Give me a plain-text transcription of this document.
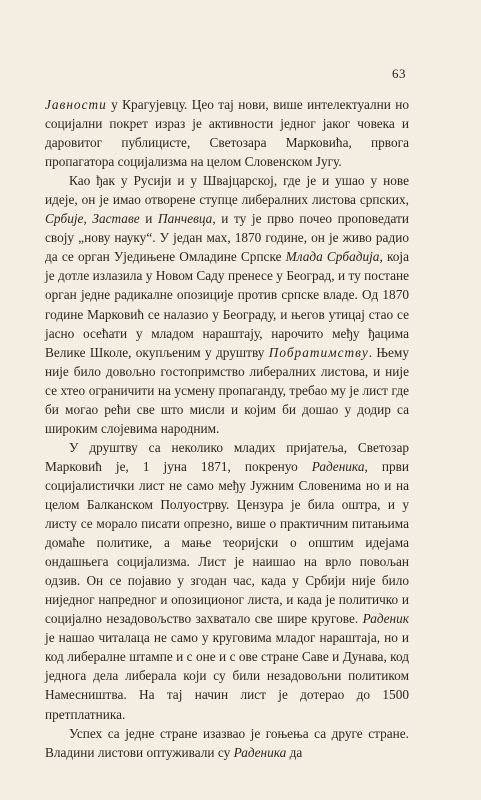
63

Јавности у Крагујевцу. Цео тај нови, више интелектуални но социјални покрет израз је активности једног јаког човека и даровитог публицисте, Светозара Марковића, првога пропагатора социјализма на целом Словенском Југу.

Као ђак у Русији и у Швајцарској, где је и ушао у нове идеје, он је имао отворене ступце либералних листова српских, Србије, Заставе и Панчевца, и ту је прво почео проповедати своју „нову науку“. У један мах, 1870 године, он је живо радио да се орган Уједињене Омладине Српске Млада Србадија, која је дотле излазила у Новом Саду пренесе у Београд, и ту постане орган једне радикалне опозиције против српске владе. Од 1870 године Марковић се налазио у Београду, и његов утицај стао се јасно осећати у младом нараштају, нарочито међу ђацима Велике Школе, окупљеним у друштву Побратимству. Њему није било довољно гостопримство либералних листова, и није се хтео ограничити на усмену пропаганду, требао му је лист где би могао рећи све што мисли и којим би дошао у додир са широким слојевима народним.

У друштву са неколико младих пријатеља, Светозар Марковић је, 1 јуна 1871, покренуо Радeника, први социјалистички лист не само међу Јужним Словенима но и на целом Балканском Полуострву. Цензура је била оштра, и у листу се морало писати опрезно, више о практичним питањима домаће политике, а мање теоријски о општим идејама ондашњега социјализма. Лист је наишао на врло повољан одзив. Он се појавио у згодан час, када у Србији није било ниједног напредног и опозиционог листа, и када је политичко и социјално незадовољство захватало све шире кругове. Радeник је нашао читалаца не само у круговима младог нараштаја, но и код либералне штампе и с оне и с ове стране Саве и Дунава, код једнога дела либерала који су били незадовољни политиком Намесништва. На тај начин лист је дотерао до 1500 претплатника.

Успех са једне стране изазвао је гоњења са друге стране. Владини листови оптуживали су Радeника да
